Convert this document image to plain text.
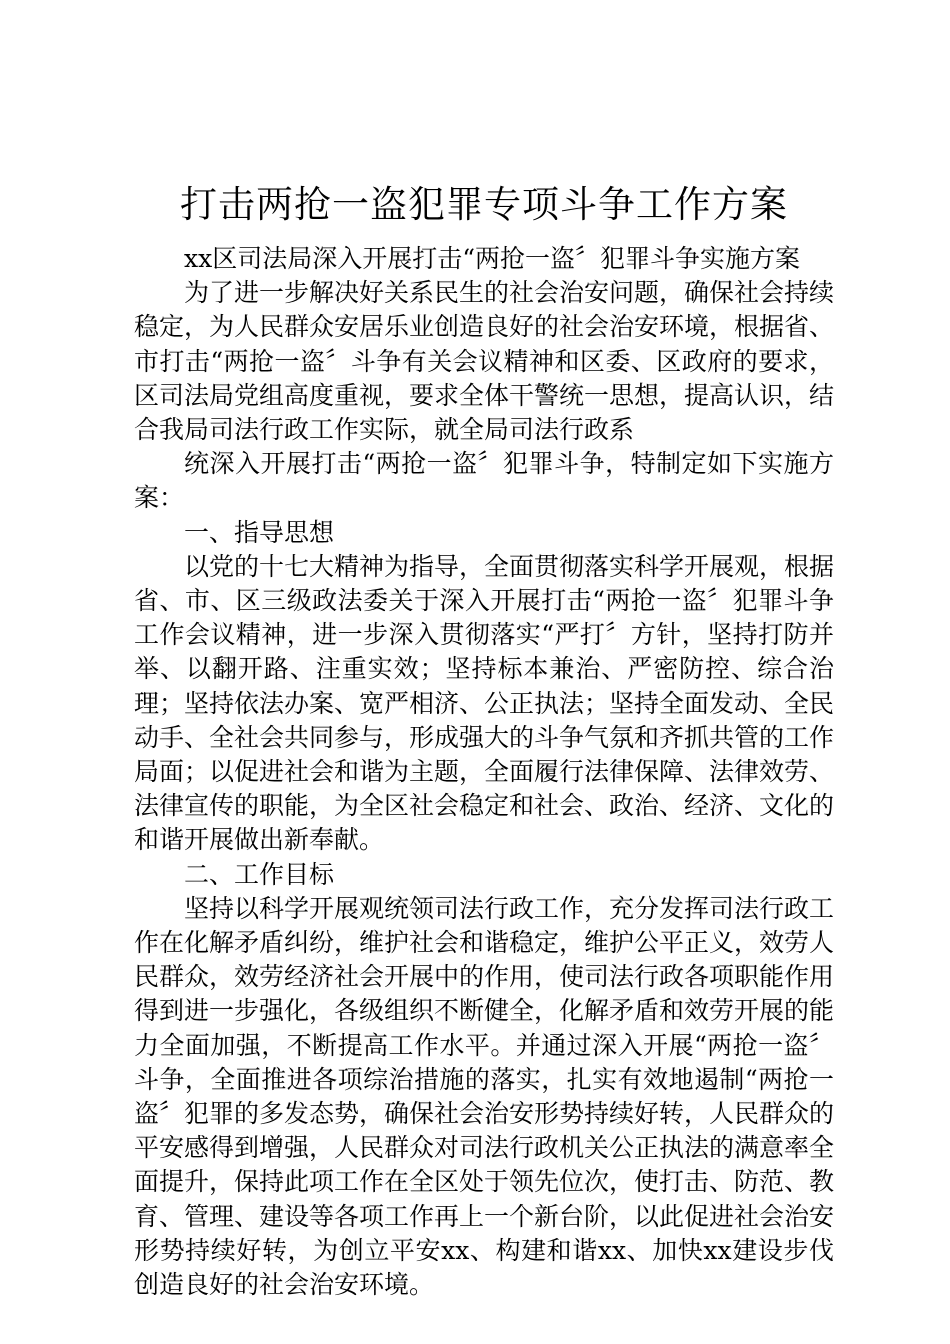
打击两抢一盗犯罪专项斗争工作方案

xx区司法局深入开展打击“两抢一盗〞犯罪斗争实施方案

为了进一步解决好关系民生的社会治安问题，确保社会持续稳定，为人民群众安居乐业创造良好的社会治安环境，根据省、市打击“两抢一盗〞斗争有关会议精神和区委、区政府的要求，区司法局党组高度重视，要求全体干警统一思想，提高认识，结合我局司法行政工作实际，就全局司法行政系

统深入开展打击“两抢一盗〞犯罪斗争，特制定如下实施方案：

一、指导思想

以党的十七大精神为指导，全面贯彻落实科学开展观，根据省、市、区三级政法委关于深入开展打击“两抢一盗〞犯罪斗争工作会议精神，进一步深入贯彻落实“严打〞方针，坚持打防并举、以翻开路、注重实效；坚持标本兼治、严密防控、综合治理；坚持依法办案、宽严相济、公正执法；坚持全面发动、全民动手、全社会共同参与，形成强大的斗争气氛和齐抓共管的工作局面；以促进社会和谐为主题，全面履行法律保障、法律效劳、法律宣传的职能，为全区社会稳定和社会、政治、经济、文化的和谐开展做出新奉献。

二、工作目标

坚持以科学开展观统领司法行政工作，充分发挥司法行政工作在化解矛盾纠纷，维护社会和谐稳定，维护公平正义，效劳人民群众，效劳经济社会开展中的作用，使司法行政各项职能作用得到进一步强化，各级组织不断健全，化解矛盾和效劳开展的能力全面加强，不断提高工作水平。并通过深入开展“两抢一盗〞斗争，全面推进各项综治措施的落实，扎实有效地遏制“两抢一盗〞犯罪的多发态势，确保社会治安形势持续好转，人民群众的平安感得到增强，人民群众对司法行政机关公正执法的满意率全面提升，保持此项工作在全区处于领先位次，使打击、防范、教育、管理、建设等各项工作再上一个新台阶，以此促进社会治安形势持续好转，为创立平安xx、构建和谐xx、加快xx建设步伐创造良好的社会治安环境。
